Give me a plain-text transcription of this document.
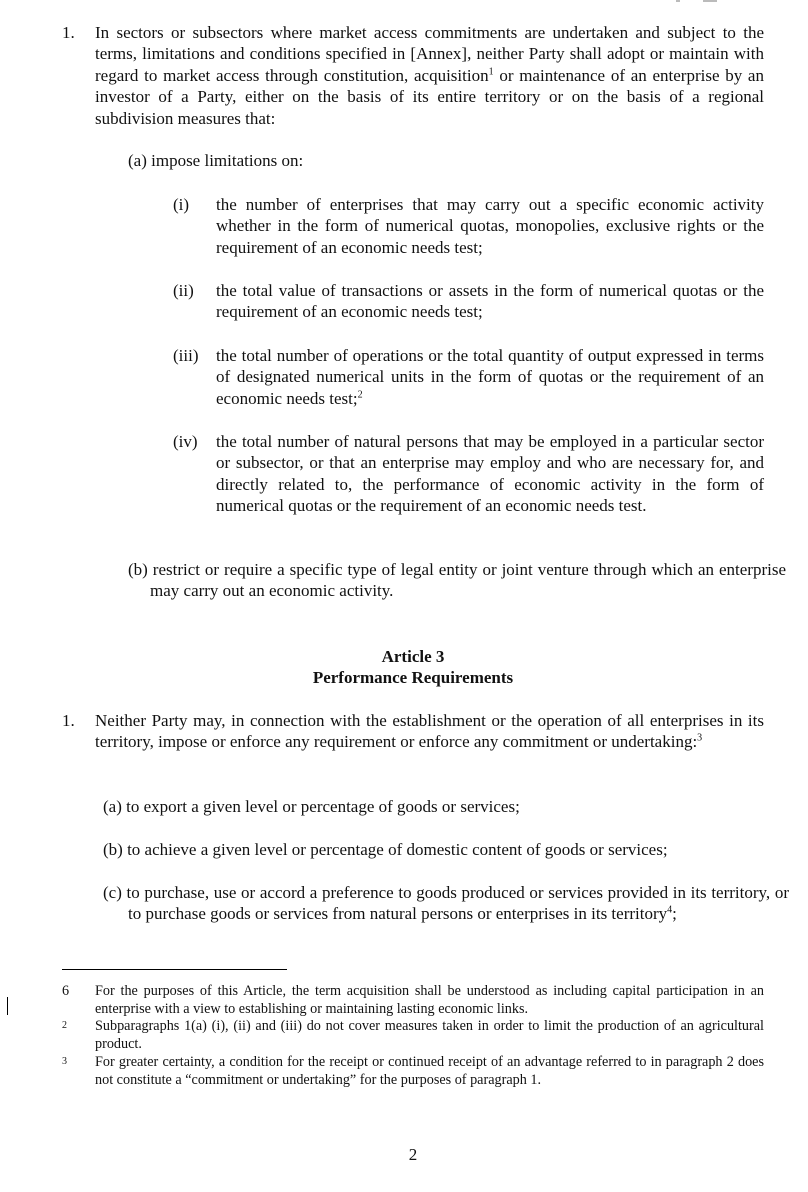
1. In sectors or subsectors where market access commitments are undertaken and subject to the terms, limitations and conditions specified in [Annex], neither Party shall adopt or maintain with regard to market access through constitution, acquisition$^1$ or maintenance of an enterprise by an investor of a Party, either on the basis of its entire territory or on the basis of a regional subdivision measures that:
(a) impose limitations on:
(i) the number of enterprises that may carry out a specific economic activity whether in the form of numerical quotas, monopolies, exclusive rights or the requirement of an economic needs test;
(ii) the total value of transactions or assets in the form of numerical quotas or the requirement of an economic needs test;
(iii) the total number of operations or the total quantity of output expressed in terms of designated numerical units in the form of quotas or the requirement of an economic needs test;$^2$
(iv) the total number of natural persons that may be employed in a particular sector or subsector, or that an enterprise may employ and who are necessary for, and directly related to, the performance of economic activity in the form of numerical quotas or the requirement of an economic needs test.
(b) restrict or require a specific type of legal entity or joint venture through which an enterprise may carry out an economic activity.
Article 3
Performance Requirements
1. Neither Party may, in connection with the establishment or the operation of all enterprises in its territory, impose or enforce any requirement or enforce any commitment or undertaking:$^3$
(a) to export a given level or percentage of goods or services;
(b) to achieve a given level or percentage of domestic content of goods or services;
(c) to purchase, use or accord a preference to goods produced or services provided in its territory, or to purchase goods or services from natural persons or enterprises in its territory$^4$;
6 For the purposes of this Article, the term acquisition shall be understood as including capital participation in an enterprise with a view to establishing or maintaining lasting economic links.
2 Subparagraphs 1(a) (i), (ii) and (iii) do not cover measures taken in order to limit the production of an agricultural product.
3 For greater certainty, a condition for the receipt or continued receipt of an advantage referred to in paragraph 2 does not constitute a “commitment or undertaking” for the purposes of paragraph 1.
2
